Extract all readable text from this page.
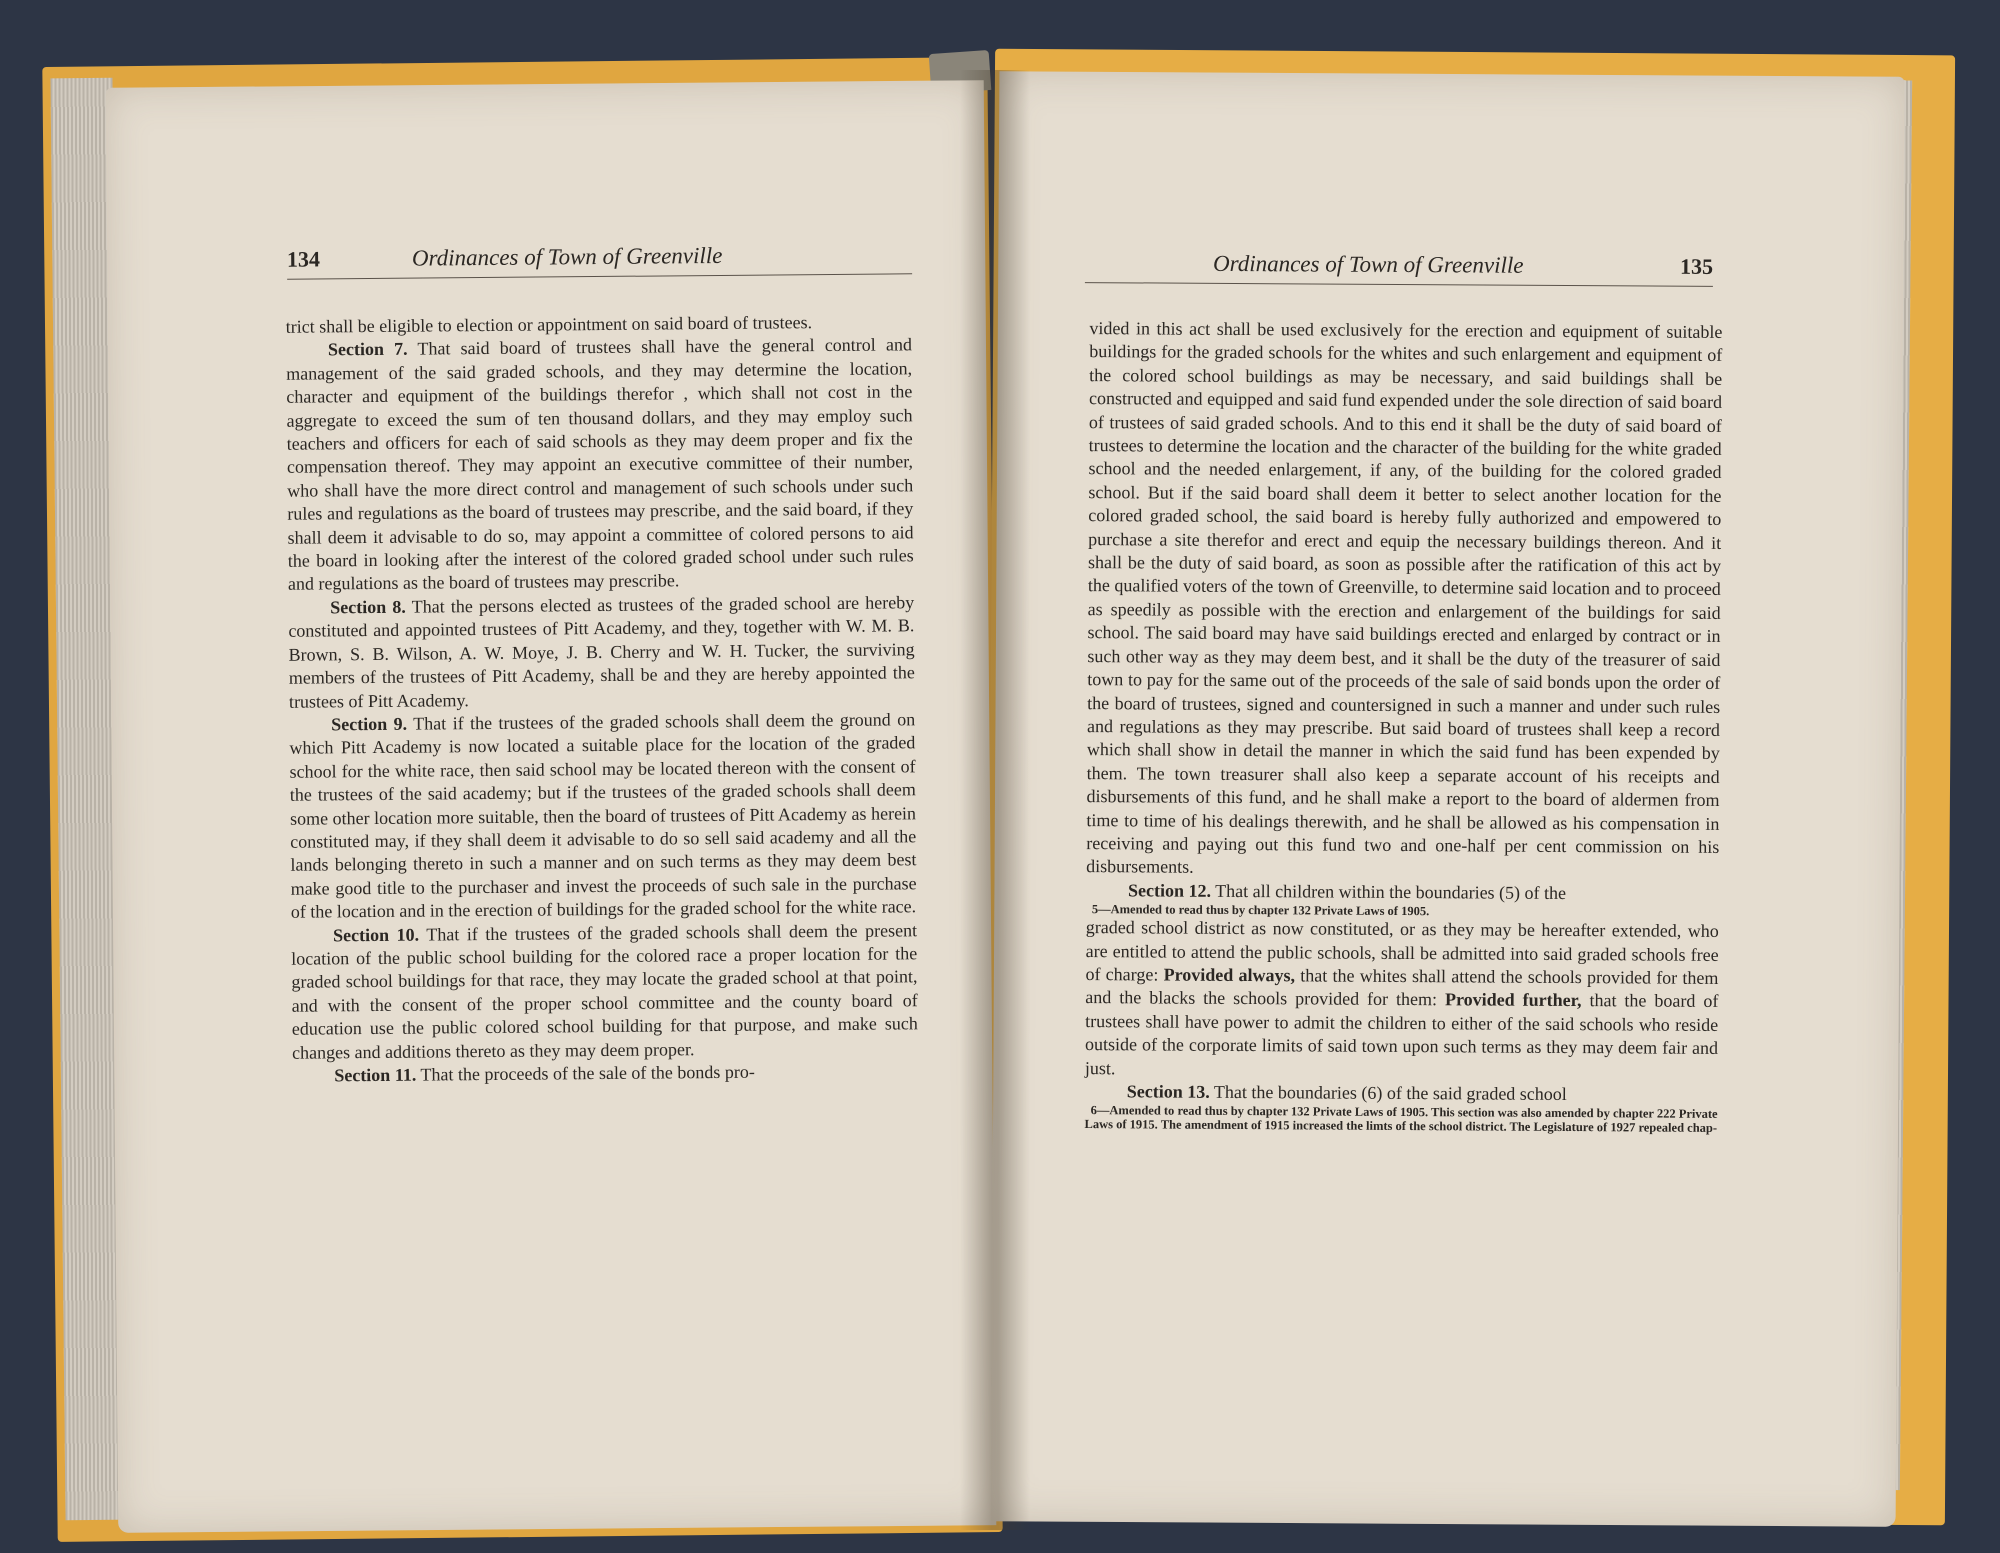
134	Ordinances of Town of Greenville	Ordinances of Town of Greenville	135

trict shall be eligible to election or appointment on said board of trustees.

Section 7. That said board of trustees shall have the general control and management of the said graded schools, and they may determine the location, character and equipment of the buildings therefor , which shall not cost in the aggregate to exceed the sum of ten thousand dollars, and they may employ such teachers and officers for each of said schools as they may deem proper and fix the compensation thereof. They may appoint an executive committee of their number, who shall have the more direct control and management of such schools under such rules and regulations as the board of trustees may prescribe, and the said board, if they shall deem it advisable to do so, may appoint a committee of colored persons to aid the board in looking after the interest of the colored graded school under such rules and regulations as the board of trustees may prescribe.

Section 8. That the persons elected as trustees of the graded school are hereby constituted and appointed trustees of Pitt Academy, and they, together with W. M. B. Brown, S. B. Wilson, A. W. Moye, J. B. Cherry and W. H. Tucker, the surviving members of the trustees of Pitt Academy, shall be and they are hereby appointed the trustees of Pitt Academy.

Section 9. That if the trustees of the graded schools shall deem the ground on which Pitt Academy is now located a suitable place for the location of the graded school for the white race, then said school may be located thereon with the consent of the trustees of the said academy; but if the trustees of the graded schools shall deem some other location more suitable, then the board of trustees of Pitt Academy as herein constituted may, if they shall deem it advisable to do so sell said academy and all the lands belonging thereto in such a manner and on such terms as they may deem best make good title to the purchaser and invest the proceeds of such sale in the purchase of the location and in the erection of buildings for the graded school for the white race.

Section 10. That if the trustees of the graded schools shall deem the present location of the public school building for the colored race a proper location for the graded school buildings for that race, they may locate the graded school at that point, and with the consent of the proper school committee and the county board of education use the public colored school building for that purpose, and make such changes and additions thereto as they may deem proper.

Section 11. That the proceeds of the sale of the bonds pro-

vided in this act shall be used exclusively for the erection and equipment of suitable buildings for the graded schools for the whites and such enlargement and equipment of the colored school buildings as may be necessary, and said buildings shall be constructed and equipped and said fund expended under the sole direction of said board of trustees of said graded schools. And to this end it shall be the duty of said board of trustees to determine the location and the character of the building for the white graded school and the needed enlargement, if any, of the building for the colored graded school. But if the said board shall deem it better to select another location for the colored graded school, the said board is hereby fully authorized and empowered to purchase a site therefor and erect and equip the necessary buildings thereon. And it shall be the duty of said board, as soon as possible after the ratification of this act by the qualified voters of the town of Greenville, to determine said location and to proceed as speedily as possible with the erection and enlargement of the buildings for said school. The said board may have said buildings erected and enlarged by contract or in such other way as they may deem best, and it shall be the duty of the treasurer of said town to pay for the same out of the proceeds of the sale of said bonds upon the order of the board of trustees, signed and countersigned in such a manner and under such rules and regulations as they may prescribe. But said board of trustees shall keep a record which shall show in detail the manner in which the said fund has been expended by them. The town treasurer shall also keep a separate account of his receipts and disbursements of this fund, and he shall make a report to the board of aldermen from time to time of his dealings therewith, and he shall be allowed as his compensation in receiving and paying out this fund two and one-half per cent commission on his disbursements.

Section 12. That all children within the boundaries (5) of the

5—Amended to read thus by chapter 132 Private Laws of 1905.

graded school district as now constituted, or as they may be hereafter extended, who are entitled to attend the public schools, shall be admitted into said graded schools free of charge: Provided always, that the whites shall attend the schools provided for them and the blacks the schools provided for them: Provided further, that the board of trustees shall have power to admit the children to either of the said schools who reside outside of the corporate limits of said town upon such terms as they may deem fair and just.

Section 13. That the boundaries (6) of the said graded school

6—Amended to read thus by chapter 132 Private Laws of 1905. This section was also amended by chapter 222 Private Laws of 1915. The amendment of 1915 increased the limts of the school district. The Legislature of 1927 repealed chap-
